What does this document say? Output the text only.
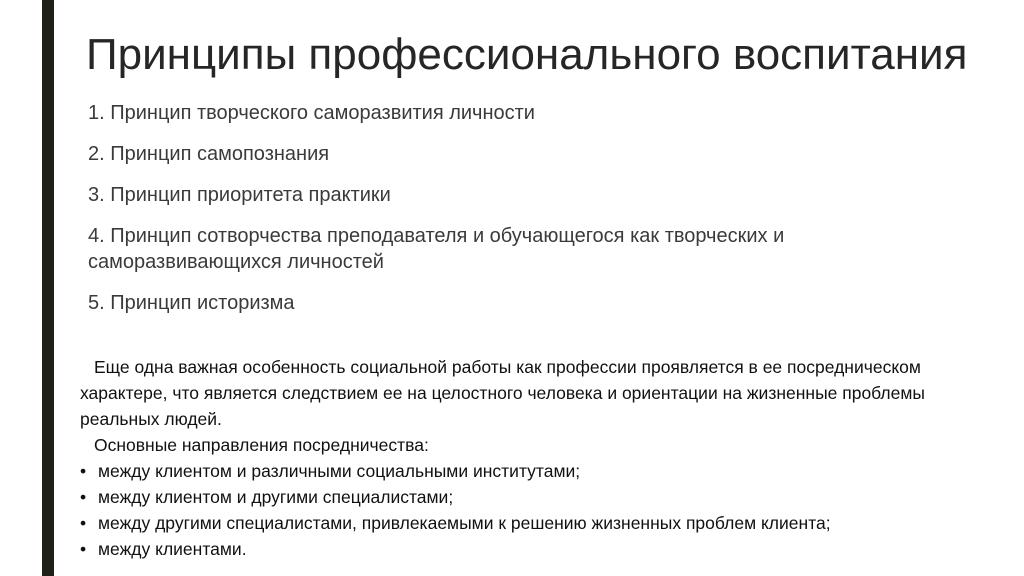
Принципы профессионального воспитания
1. Принцип творческого саморазвития личности
2. Принцип самопознания
3. Принцип приоритета практики
4. Принцип сотворчества преподавателя и обучающегося как творческих и саморазвивающихся личностей
5. Принцип историзма

Еще одна важная особенность социальной работы как профессии проявляется в ее посредническом характере, что является следствием ее на целостного человека и ориентации на жизненные проблемы реальных людей.

Основные направления посредничества:

• между клиентом и различными социальными институтами;
• между клиентом и другими специалистами;
• между другими специалистами, привлекаемыми к решению жизненных проблем клиента;
• между клиентами.
